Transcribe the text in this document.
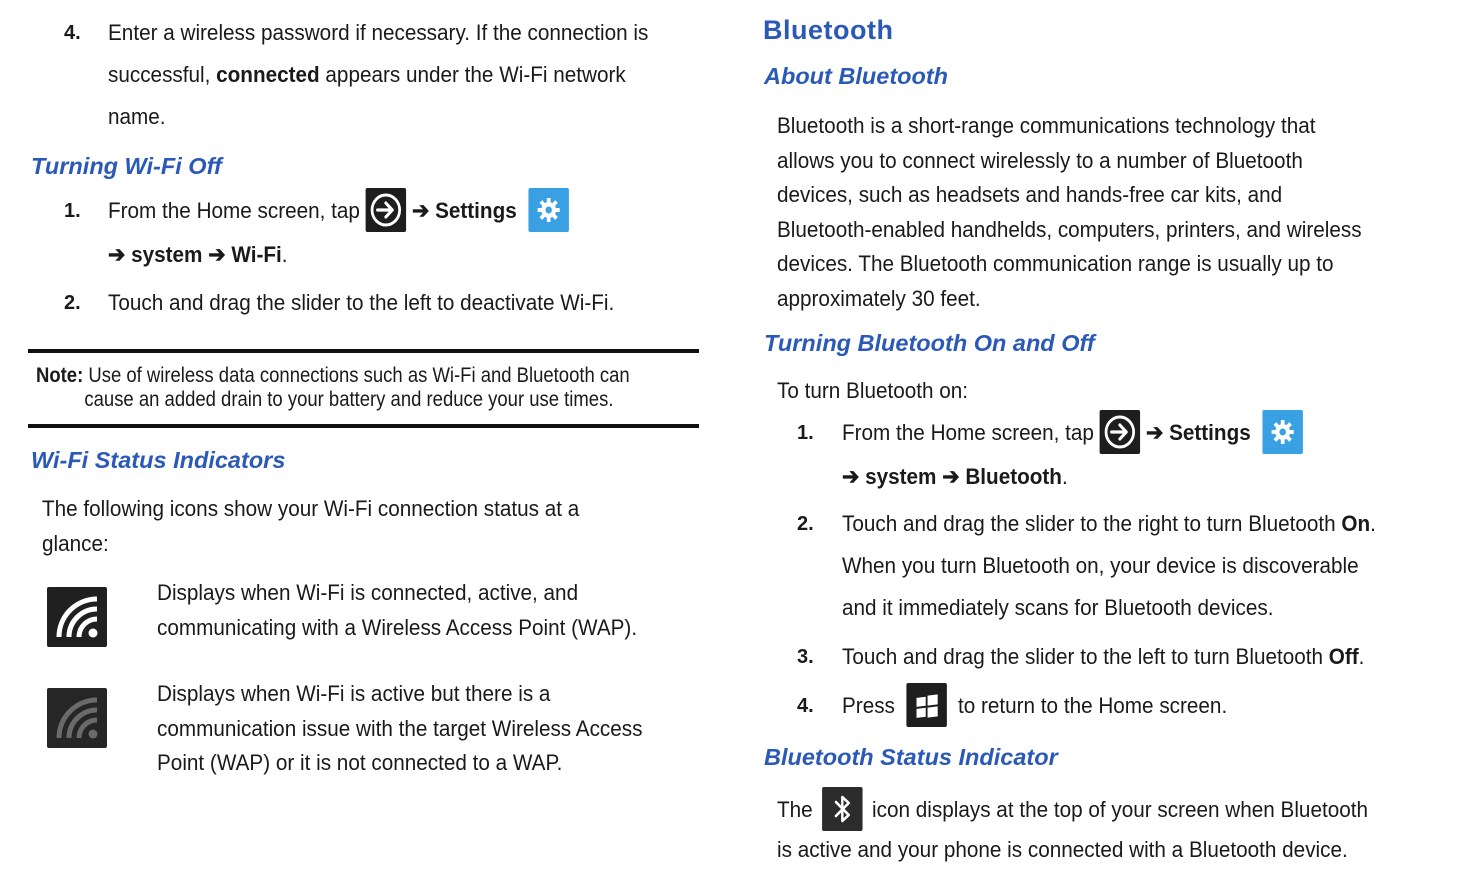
4. Enter a wireless password if necessary. If the connection is
successful, connected appears under the Wi-Fi network
name.
Turning Wi-Fi Off
1. From the Home screen, tap ➔ Settings
➔ system ➔ Wi-Fi.
2. Touch and drag the slider to the left to deactivate Wi-Fi.
Note: Use of wireless data connections such as Wi-Fi and Bluetooth can
cause an added drain to your battery and reduce your use times.
Wi-Fi Status Indicators
The following icons show your Wi-Fi connection status at a
glance:
Displays when Wi-Fi is connected, active, and
communicating with a Wireless Access Point (WAP).
Displays when Wi-Fi is active but there is a
communication issue with the target Wireless Access
Point (WAP) or it is not connected to a WAP.
Bluetooth
About Bluetooth
Bluetooth is a short-range communications technology that
allows you to connect wirelessly to a number of Bluetooth
devices, such as headsets and hands-free car kits, and
Bluetooth-enabled handhelds, computers, printers, and wireless
devices. The Bluetooth communication range is usually up to
approximately 30 feet.
Turning Bluetooth On and Off
To turn Bluetooth on:
1. From the Home screen, tap ➔ Settings
➔ system ➔ Bluetooth.
2. Touch and drag the slider to the right to turn Bluetooth On.
When you turn Bluetooth on, your device is discoverable
and it immediately scans for Bluetooth devices.
3. Touch and drag the slider to the left to turn Bluetooth Off.
4. Press	to return to the Home screen.
Bluetooth Status Indicator
The	icon displays at the top of your screen when Bluetooth
is active and your phone is connected with a Bluetooth device.
